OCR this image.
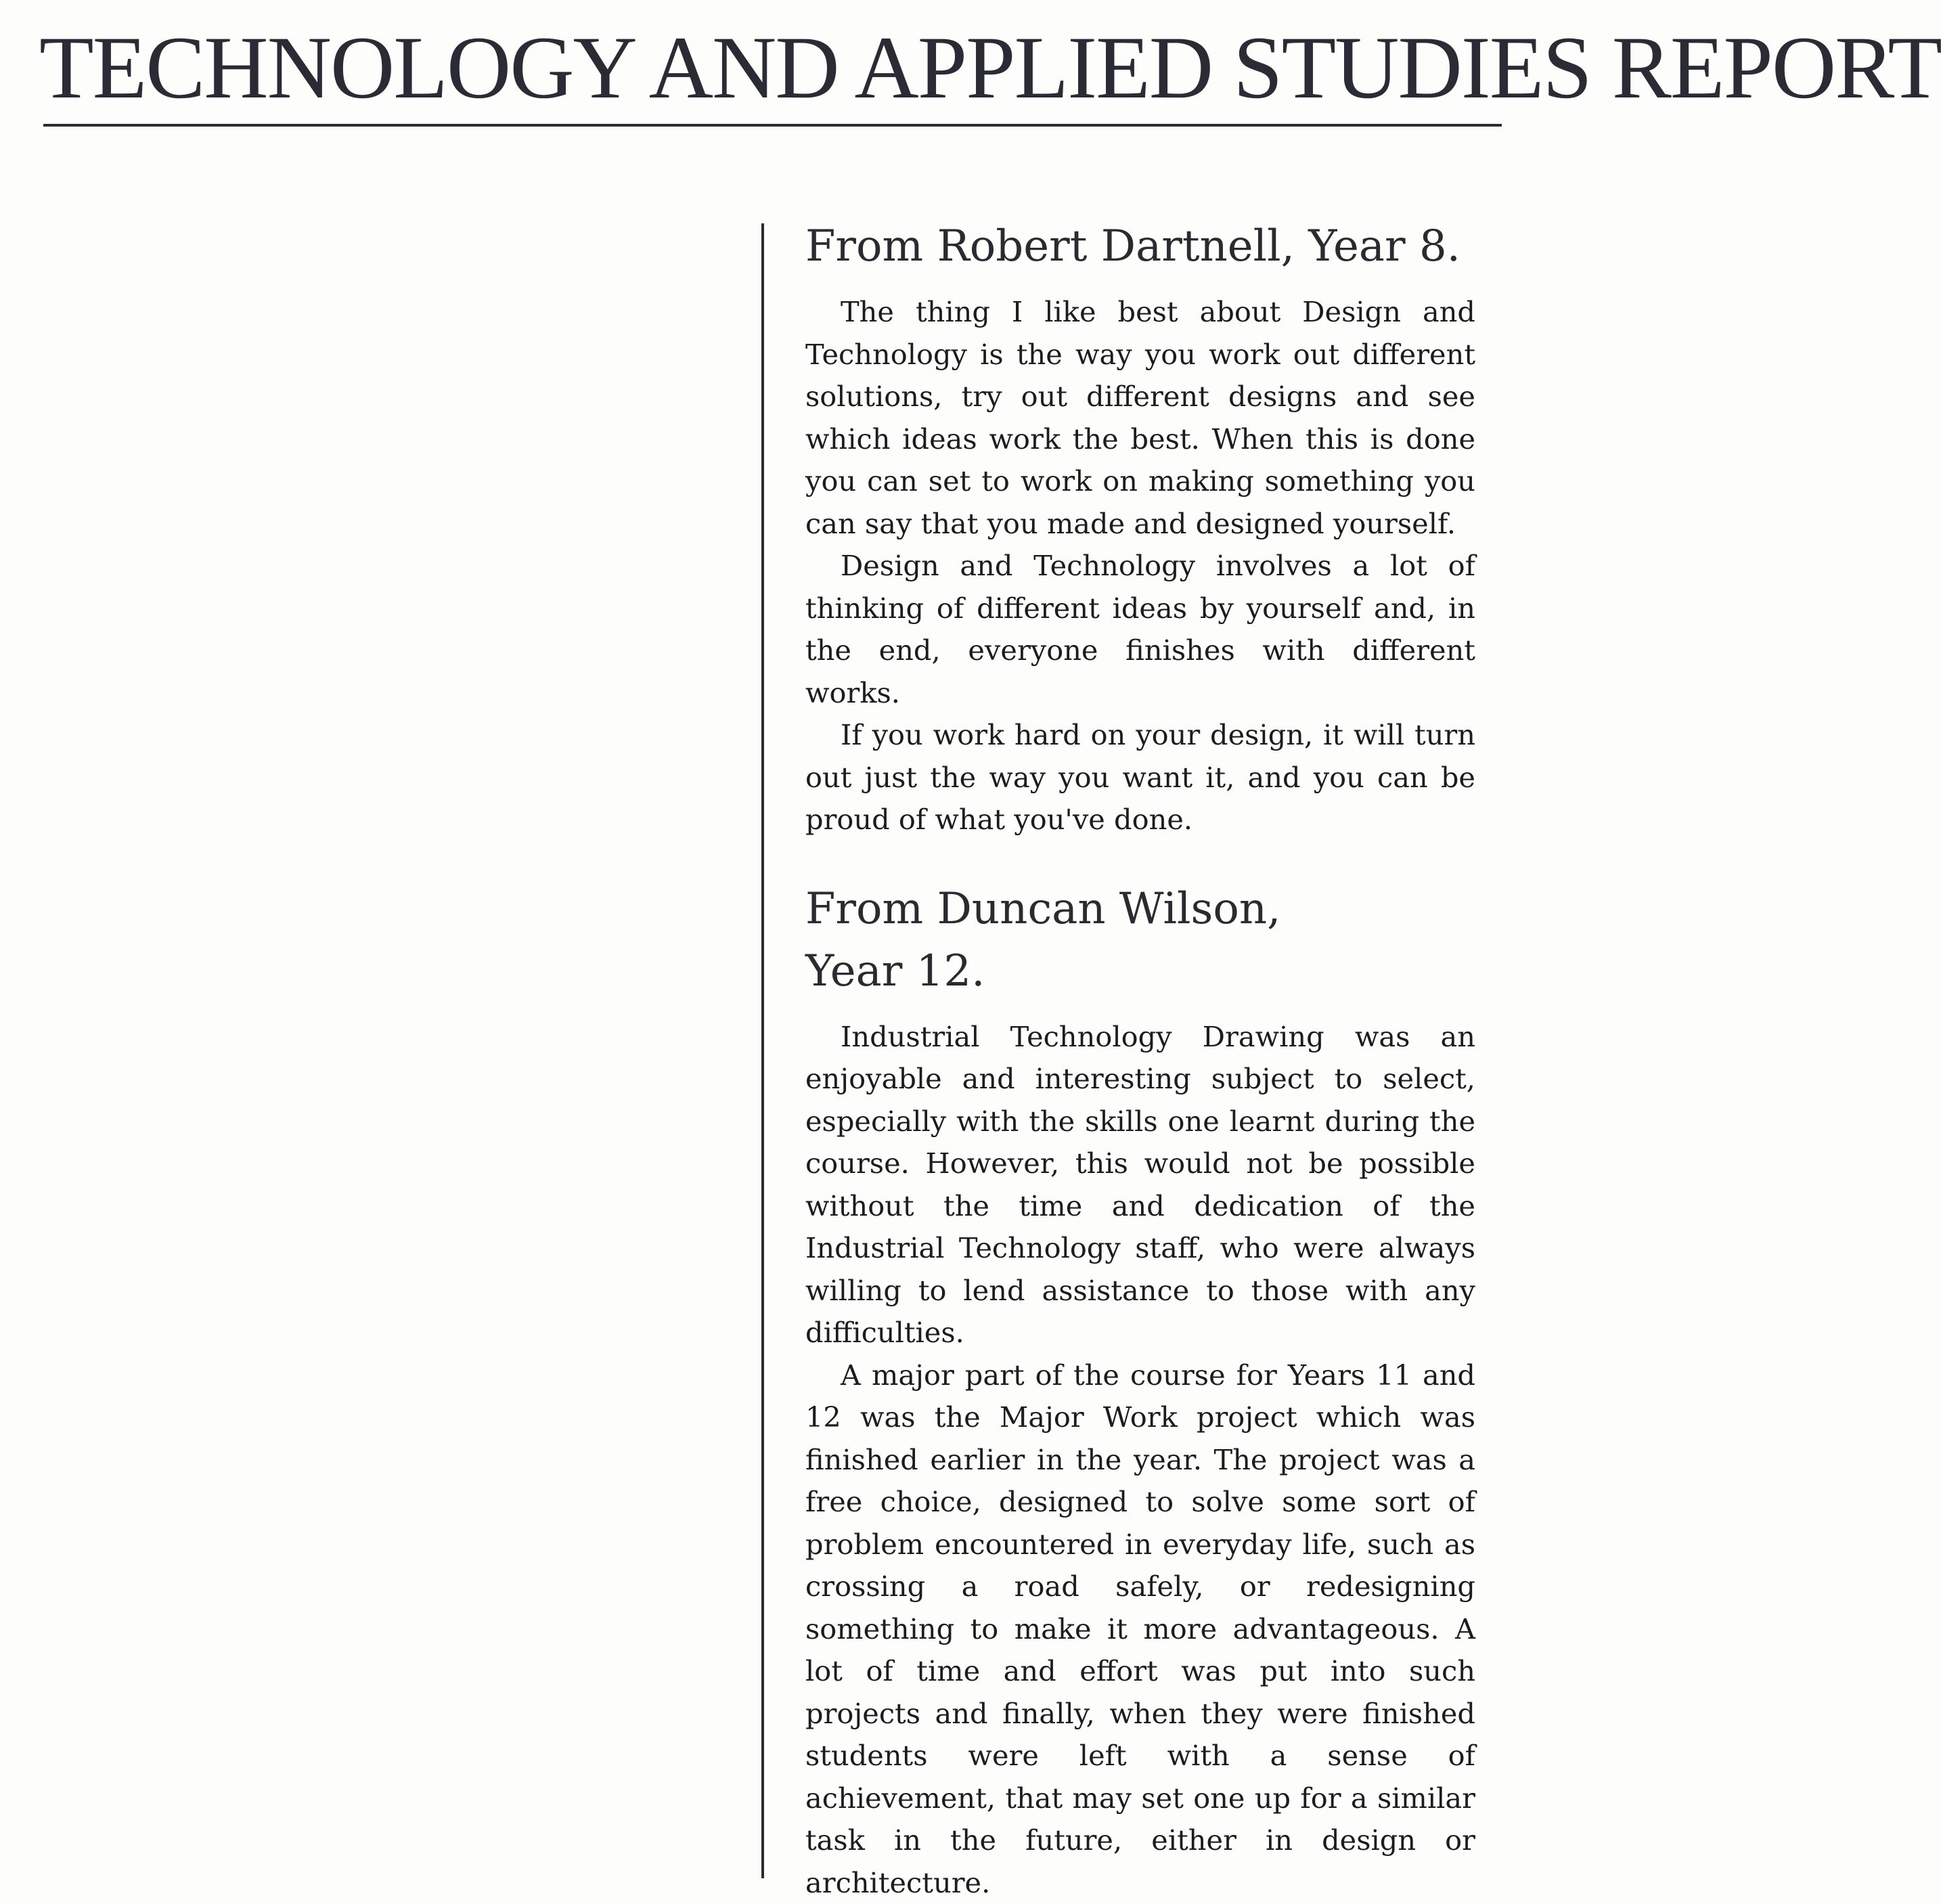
TECHNOLOGY AND APPLIED STUDIES REPORT
From Robert Dartnell, Year 8.

The thing I like best about Design and Technology is the way you work out different solutions, try out different designs and see which ideas work the best. When this is done you can set to work on making something you can say that you made and designed yourself.

Design and Technology involves a lot of thinking of different ideas by yourself and, in the end, everyone finishes with different works.

If you work hard on your design, it will turn out just the way you want it, and you can be proud of what you've done.

From Duncan Wilson, Year 12.

Industrial Technology Drawing was an enjoyable and interesting subject to select, especially with the skills one learnt during the course. However, this would not be possible without the time and dedication of the Industrial Technology staff, who were always willing to lend assistance to those with any difficulties.

A major part of the course for Years 11 and 12 was the Major Work project which was finished earlier in the year. The project was a free choice, designed to solve some sort of problem encountered in everyday life, such as crossing a road safely, or redesigning something to make it more advantageous. A lot of time and effort was put into such projects and finally, when they were finished students were left with a sense of achievement, that may set one up for a similar task in the future, either in design or architecture.
